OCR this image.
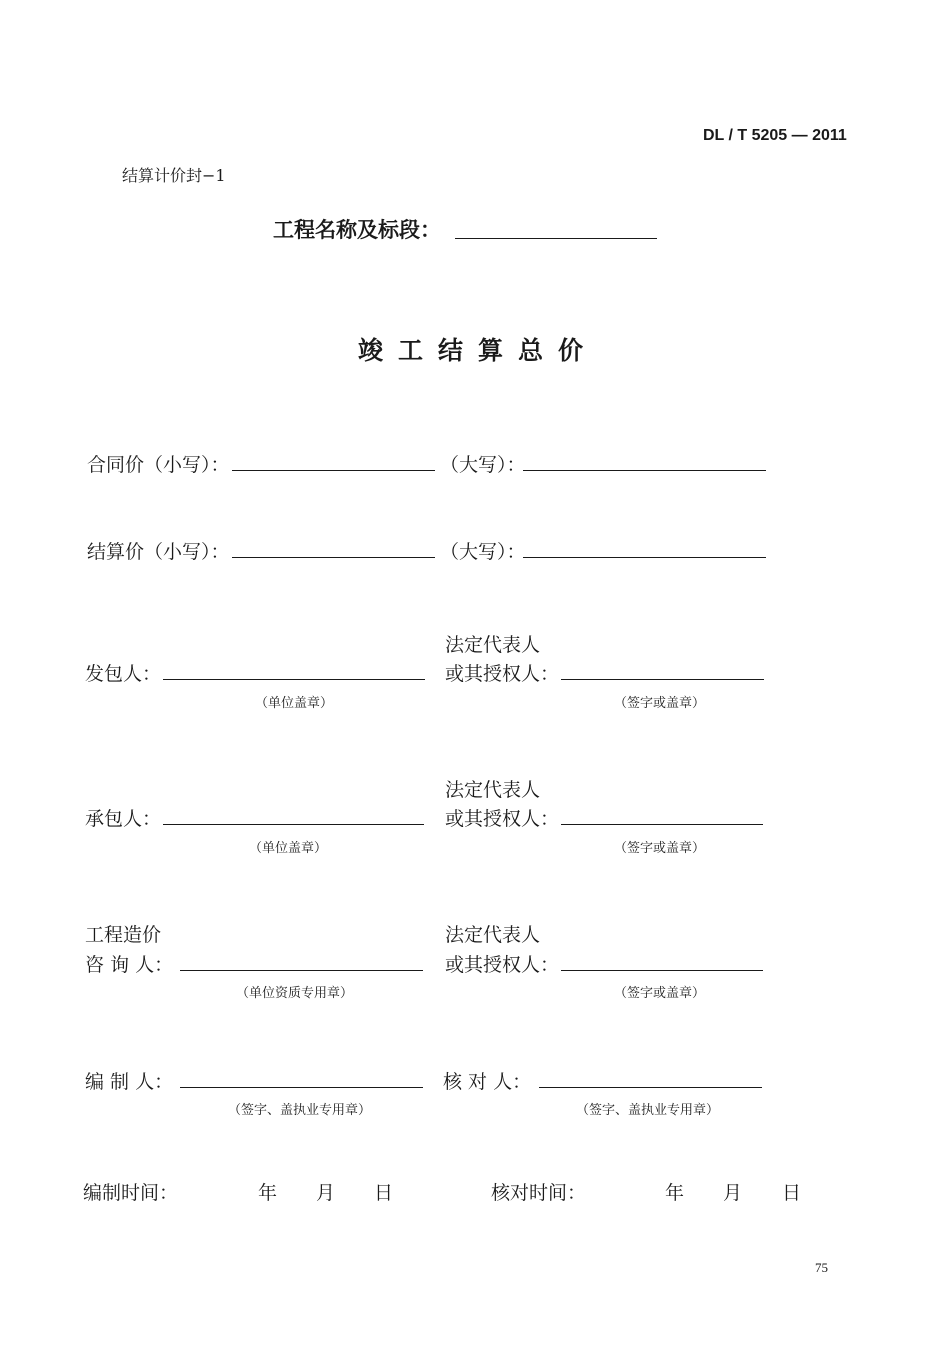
DL / T 5205 — 2011
结算计价封−1
工程名称及标段：
竣工结算总价
合同价（小写）：	（大写）：
结算价（小写）：	（大写）：
法定代表人
发包人：	或其授权人：
（单位盖章）	（签字或盖章）
法定代表人
承包人：	或其授权人：
（单位盖章）	（签字或盖章）
工程造价	法定代表人
咨 询 人：	或其授权人：
（单位资质专用章）	（签字或盖章）
编 制 人：	核 对 人：
（签字、盖执业专用章）	（签字、盖执业专用章）
编制时间：	年 月 日	核对时间：	年 月 日
75
